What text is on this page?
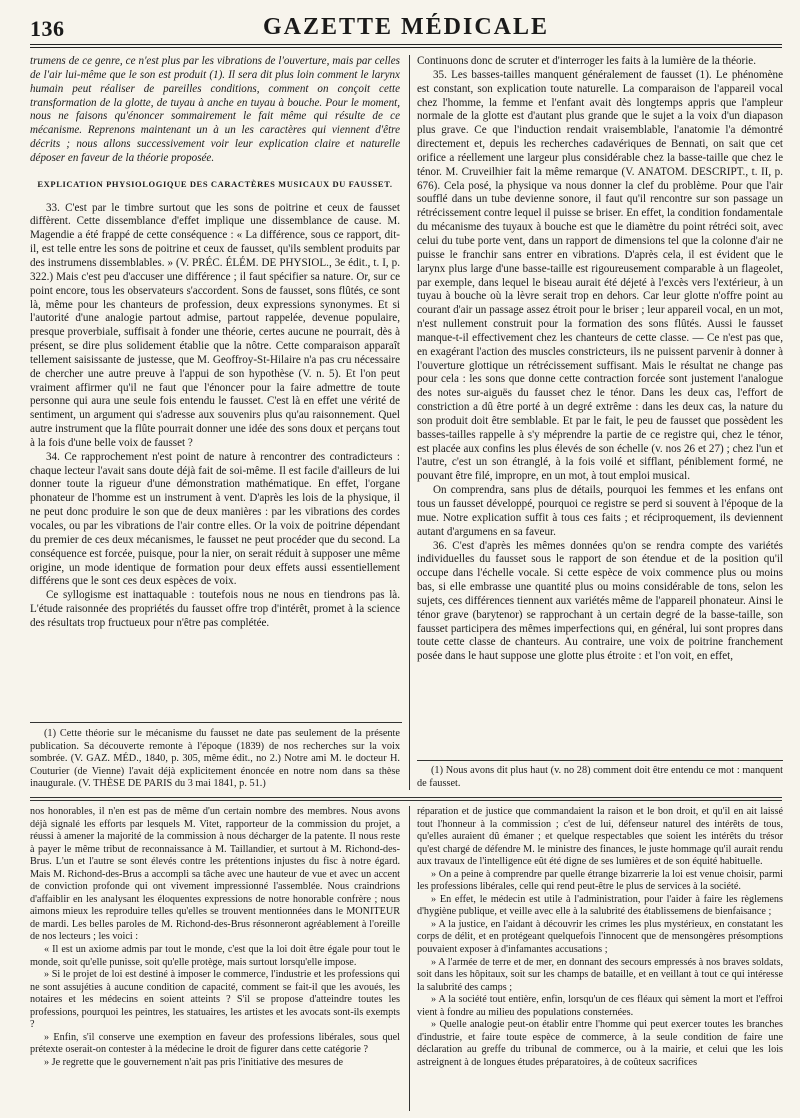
136	GAZETTE MÉDICALE

trumens de ce genre, ce n'est plus par les vibrations de l'ouverture, mais par celles de l'air lui-même que le son est produit (1). Il sera dit plus loin comment le larynx humain peut réaliser de pareilles conditions, comment on conçoit cette transformation de la glotte, de tuyau à anche en tuyau à bouche. Pour le moment, nous ne faisons qu'énoncer sommairement le fait même qui résulte de ce mécanisme. Reprenons maintenant un à un les caractères qui viennent d'être décrits ; nous allons successivement voir leur explication claire et naturelle déposer en faveur de la théorie proposée.

EXPLICATION PHYSIOLOGIQUE DES CARACTÈRES MUSICAUX DU FAUSSET.

33. C'est par le timbre surtout que les sons de poitrine et ceux de fausset diffèrent. Cette dissemblance d'effet implique une dissemblance de cause. M. Magendie a été frappé de cette conséquence : « La différence, sous ce rapport, dit-il, est telle entre les sons de poitrine et ceux de fausset, qu'ils semblent produits par des instrumens dissemblables. » (V. PRÉC. ÉLÉM. DE PHYSIOL., 3e édit., t. I, p. 322.) Mais c'est peu d'accuser une différence ; il faut spécifier sa nature. Or, sur ce point encore, tous les observateurs s'accordent. Sons de fausset, sons flûtés, ce sont là, même pour les chanteurs de profession, deux expressions synonymes. Et si l'autorité d'une analogie partout admise, partout rappelée, devenue populaire, presque proverbiale, suffisait à fonder une théorie, certes aucune ne pourrait, dès à présent, se dire plus solidement établie que la nôtre. Cette comparaison apparaît tellement saisissante de justesse, que M. Geoffroy-St-Hilaire n'a pas cru nécessaire de chercher une autre preuve à l'appui de son hypothèse (V. n. 5). Et l'on peut vraiment affirmer qu'il ne faut que l'énoncer pour la faire admettre de toute personne qui aura une seule fois entendu le fausset. C'est là en effet une vérité de sentiment, un argument qui s'adresse aux souvenirs plus qu'au raisonnement. Quel autre instrument que la flûte pourrait donner une idée des sons doux et perçans tout à la fois d'une belle voix de fausset ?

34. Ce rapprochement n'est point de nature à rencontrer des contradicteurs : chaque lecteur l'avait sans doute déjà fait de soi-même. Il est facile d'ailleurs de lui donner toute la rigueur d'une démonstration mathématique. En effet, l'organe phonateur de l'homme est un instrument à vent. D'après les lois de la physique, il ne peut donc produire le son que de deux manières : par les vibrations des cordes vocales, ou par les vibrations de l'air contre elles. Or la voix de poitrine dépendant du premier de ces deux mécanismes, le fausset ne peut procéder que du second. La conséquence est forcée, puisque, pour la nier, on serait réduit à supposer une même origine, un mode identique de formation pour deux effets aussi essentiellement différens que le sont ces deux espèces de voix.

Ce syllogisme est inattaquable : toutefois nous ne nous en tiendrons pas là. L'étude raisonnée des propriétés du fausset offre trop d'intérêt, promet à la science des résultats trop fructueux pour n'être pas complétée.

(1) Cette théorie sur le mécanisme du fausset ne date pas seulement de la présente publication. Sa découverte remonte à l'époque (1839) de nos recherches sur la voix sombrée. (V. GAZ. MÉD., 1840, p. 305, même édit., no 2.) Notre ami M. le docteur H. Couturier (de Vienne) l'avait déjà explicitement énoncée en notre nom dans sa thèse inaugurale. (V. THÈSE DE PARIS du 3 mai 1841, p. 51.)

Continuons donc de scruter et d'interroger les faits à la lumière de la théorie.

35. Les basses-tailles manquent généralement de fausset (1). Le phénomène est constant, son explication toute naturelle. La comparaison de l'appareil vocal chez l'homme, la femme et l'enfant avait dès longtemps appris que l'ampleur normale de la glotte est d'autant plus grande que le sujet a la voix d'un diapason plus grave. Ce que l'induction rendait vraisemblable, l'anatomie l'a démontré directement et, depuis les recherches cadavériques de Bennati, on sait que cet orifice a réellement une largeur plus considérable chez la basse-taille que chez le ténor. M. Cruveilhier fait la même remarque (V. ANATOM. DESCRIPT., t. II, p. 676). Cela posé, la physique va nous donner la clef du problème. Pour que l'air soufflé dans un tube devienne sonore, il faut qu'il rencontre sur son passage un rétrécissement contre lequel il puisse se briser. En effet, la condition fondamentale du mécanisme des tuyaux à bouche est que le diamètre du point rétréci soit, avec celui du tube porte vent, dans un rapport de dimensions tel que la colonne d'air ne puisse le franchir sans entrer en vibrations. D'après cela, il est évident que le larynx plus large d'une basse-taille est rigoureusement comparable à un flageolet, par exemple, dans lequel le biseau aurait été déjeté à l'excès vers l'extérieur, à un tuyau à bouche où la lèvre serait trop en dehors. Car leur glotte n'offre point au courant d'air un passage assez étroit pour le briser ; leur appareil vocal, en un mot, n'est nullement construit pour la formation des sons flûtés. Aussi le fausset manque-t-il effectivement chez les chanteurs de cette classe. — Ce n'est pas que, en exagérant l'action des muscles constricteurs, ils ne puissent parvenir à donner à l'ouverture glottique un rétrécissement suffisant. Mais le résultat ne change pas pour cela : les sons que donne cette contraction forcée sont justement l'analogue des notes sur-aiguës du fausset chez le ténor. Dans les deux cas, l'effort de constriction a dû être porté à un degré extrême : dans les deux cas, la nature du son produit doit être semblable. Et par le fait, le peu de fausset que possèdent les basses-tailles rappelle à s'y méprendre la partie de ce registre qui, chez le ténor, est placée aux confins les plus élevés de son échelle (v. nos 26 et 27) ; chez l'un et l'autre, c'est un son étranglé, à la fois voilé et sifflant, péniblement formé, ne pouvant être filé, impropre, en un mot, à tout emploi musical.

On comprendra, sans plus de détails, pourquoi les femmes et les enfans ont tous un fausset développé, pourquoi ce registre se perd si souvent à l'époque de la mue. Notre explication suffit à tous ces faits ; et réciproquement, ils deviennent autant d'argumens en sa faveur.

36. C'est d'après les mêmes données qu'on se rendra compte des variétés individuelles du fausset sous le rapport de son étendue et de la position qu'il occupe dans l'échelle vocale. Si cette espèce de voix commence plus ou moins bas, si elle embrasse une quantité plus ou moins considérable de tons, selon les sujets, ces différences tiennent aux variétés même de l'appareil phonateur. Ainsi le ténor grave (barytenor) se rapprochant à un certain degré de la basse-taille, son fausset participera des mêmes imperfections qui, en général, lui sont propres dans toute cette classe de chanteurs. Au contraire, une voix de poitrine franchement posée dans le haut suppose une glotte plus étroite : et l'on voit, en effet,

(1) Nous avons dit plus haut (v. no 28) comment doit être entendu ce mot : manquent de fausset.

nos honorables, il n'en est pas de même d'un certain nombre des membres. Nous avons déjà signalé les efforts par lesquels M. Vitet, rapporteur de la commission du projet, a réussi à amener la majorité de la commission à nous décharger de la patente. Il nous reste à payer le même tribut de reconnaissance à M. Taillandier, et surtout à M. Richond-des-Brus. L'un et l'autre se sont élevés contre les prétentions injustes du fisc à notre égard. Mais M. Richond-des-Brus a accompli sa tâche avec une hauteur de vue et avec un accent de conviction profonde qui ont vivement impressionné l'assemblée. Nous craindrions d'affaiblir en les analysant les éloquentes expressions de notre honorable confrère ; nous aimons mieux les reproduire telles qu'elles se trouvent mentionnées dans le MONITEUR de mardi. Les belles paroles de M. Richond-des-Brus résonneront agréablement à l'oreille de nos lecteurs ; les voici :

« Il est un axiome admis par tout le monde, c'est que la loi doit être égale pour tout le monde, soit qu'elle punisse, soit qu'elle protège, mais surtout lorsqu'elle impose.

» Si le projet de loi est destiné à imposer le commerce, l'industrie et les professions qui ne sont assujéties à aucune condition de capacité, comment se fait-il que les avoués, les notaires et les médecins en soient atteints ? S'il se propose d'atteindre toutes les professions, pourquoi les peintres, les statuaires, les artistes et les avocats sont-ils exempts ?

» Enfin, s'il conserve une exemption en faveur des professions libérales, sous quel prétexte oserait-on contester à la médecine le droit de figurer dans cette catégorie ?

» Je regrette que le gouvernement n'ait pas pris l'initiative des mesures de

réparation et de justice que commandaient la raison et le bon droit, et qu'il en ait laissé tout l'honneur à la commission ; c'est de lui, défenseur naturel des intérêts de tous, qu'elles auraient dû émaner ; et quelque respectables que soient les intérêts du trésor qu'est chargé de défendre M. le ministre des finances, le juste hommage qu'il aurait rendu aux travaux de l'intelligence eût été digne de ses lumières et de son équité habituelle.

» On a peine à comprendre par quelle étrange bizarrerie la loi est venue choisir, parmi les professions libérales, celle qui rend peut-être le plus de services à la société.

» En effet, le médecin est utile à l'administration, pour l'aider à faire les règlemens d'hygiène publique, et veille avec elle à la salubrité des établissemens de bienfaisance ;

» A la justice, en l'aidant à découvrir les crimes les plus mystérieux, en constatant les corps de délit, et en protégeant quelquefois l'innocent que de mensongères présomptions pouvaient exposer à d'infamantes accusations ;

» A l'armée de terre et de mer, en donnant des secours empressés à nos braves soldats, soit dans les hôpitaux, soit sur les champs de bataille, et en veillant à tout ce qui intéresse la salubrité des camps ;

» A la société tout entière, enfin, lorsqu'un de ces fléaux qui sèment la mort et l'effroi vient à fondre au milieu des populations consternées.

» Quelle analogie peut-on établir entre l'homme qui peut exercer toutes les branches d'industrie, et faire toute espèce de commerce, à la seule condition de faire une déclaration au greffe du tribunal de commerce, ou à la mairie, et celui que les lois astreignent à de longues études préparatoires, à de coûteux sacrifices
